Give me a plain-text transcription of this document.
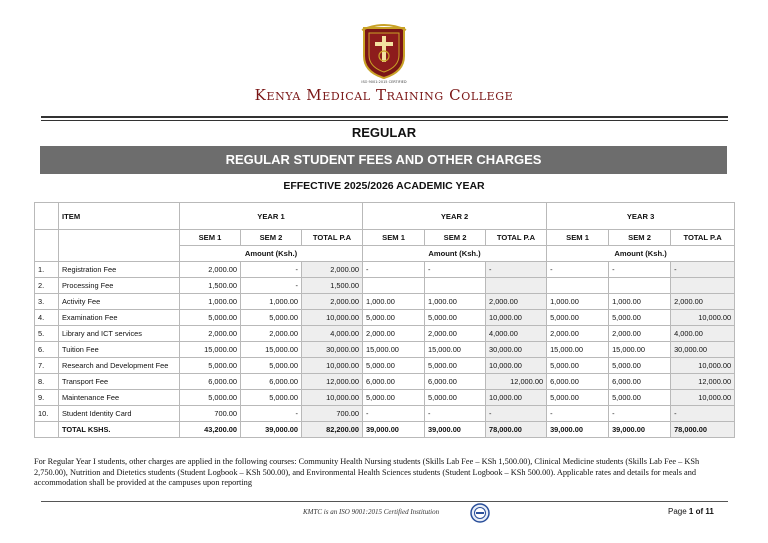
ISO 9001:2015 CERTIFIED
Kenya Medical Training College
REGULAR
REGULAR STUDENT FEES AND OTHER CHARGES
EFFECTIVE 2025/2026 ACADEMIC YEAR
	ITEM	YEAR 1			YEAR 2			YEAR 3		
		SEM 1	SEM 2	TOTAL P.A	SEM 1	SEM 2	TOTAL P.A	SEM 1	SEM 2	TOTAL P.A
		Amount (Ksh.)			Amount (Ksh.)			Amount (Ksh.)		
1.	Registration Fee	2,000.00	-	2,000.00	-	-	-	-	-	-
2.	Processing Fee	1,500.00	-	1,500.00						
3.	Activity Fee	1,000.00	1,000.00	2,000.00	1,000.00	1,000.00	2,000.00	1,000.00	1,000.00	2,000.00
4.	Examination Fee	5,000.00	5,000.00	10,000.00	5,000.00	5,000.00	10,000.00	5,000.00	5,000.00	10,000.00
5.	Library and ICT services	2,000.00	2,000.00	4,000.00	2,000.00	2,000.00	4,000.00	2,000.00	2,000.00	4,000.00
6.	Tuition Fee	15,000.00	15,000.00	30,000.00	15,000.00	15,000.00	30,000.00	15,000.00	15,000.00	30,000.00
7.	Research and Development Fee	5,000.00	5,000.00	10,000.00	5,000.00	5,000.00	10,000.00	5,000.00	5,000.00	10,000.00
8.	Transport Fee	6,000.00	6,000.00	12,000.00	6,000.00	6,000.00	12,000.00	6,000.00	6,000.00	12,000.00
9.	Maintenance Fee	5,000.00	5,000.00	10,000.00	5,000.00	5,000.00	10,000.00	5,000.00	5,000.00	10,000.00
10.	Student Identity Card	700.00	-	700.00	-	-	-	-	-	-
	TOTAL KSHS.	43,200.00	39,000.00	82,200.00	39,000.00	39,000.00	78,000.00	39,000.00	39,000.00	78,000.00
For Regular Year I students, other charges are applied in the following courses: Community Health Nursing students (Skills Lab Fee – KSh 1,500.00), Clinical Medicine students (Skills Lab Fee – KSh 2,750.00), Nutrition and Dietetics students (Student Logbook – KSh 500.00), and Environmental Health Sciences students (Student Logbook – KSh 500.00). Applicable rates and details for meals and accommodation shall be provided at the campuses upon reporting
KMTC is an ISO 9001:2015 Certified Institution	Page 1 of 11
